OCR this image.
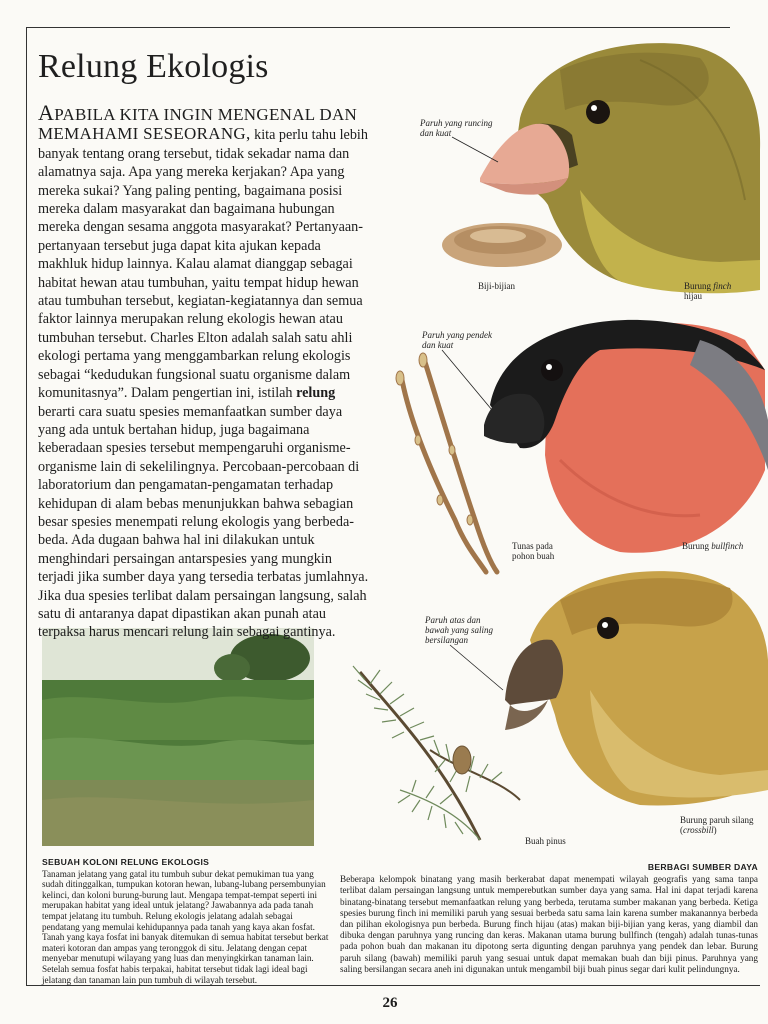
Relung Ekologis
APABILA KITA INGIN MENGENAL DAN MEMAHAMI SESEORANG, kita perlu tahu lebih banyak tentang orang tersebut, tidak sekadar nama dan alamatnya saja. Apa yang mereka kerjakan? Apa yang mereka sukai? Yang paling penting, bagaimana posisi mereka dalam masyarakat dan bagaimana hubungan mereka dengan sesama anggota masyarakat? Pertanyaan-pertanyaan tersebut juga dapat kita ajukan kepada makhluk hidup lainnya. Kalau alamat dianggap sebagai habitat hewan atau tumbuhan, yaitu tempat hidup hewan atau tumbuhan tersebut, kegiatan-kegiatannya dan semua faktor lainnya merupakan relung ekologis hewan atau tumbuhan tersebut. Charles Elton adalah salah satu ahli ekologi pertama yang menggambarkan relung ekologis sebagai “kedudukan fungsional suatu organisme dalam komunitasnya”. Dalam pengertian ini, istilah relung berarti cara suatu spesies memanfaatkan sumber daya yang ada untuk bertahan hidup, juga bagaimana keberadaan spesies tersebut mempengaruhi organisme-organisme lain di sekelilingnya. Percobaan-percobaan di laboratorium dan pengamatan-pengamatan terhadap kehidupan di alam bebas menunjukkan bahwa sebagian besar spesies menempati relung ekologis yang berbeda-beda. Ada dugaan bahwa hal ini dilakukan untuk menghindari persaingan antarspesies yang mungkin terjadi jika sumber daya yang tersedia terbatas jumlahnya. Jika dua spesies terlibat dalam persaingan langsung, salah satu di antaranya dapat dipastikan akan punah atau terpaksa harus mencari relung lain sebagai gantinya.
Paruh yang runcing dan kuat
Biji-bijian	Burung finch hijau
Paruh yang pendek dan kuat
Tunas pada pohon buah
Burung bullfinch
Paruh atas dan bawah yang saling bersilangan
Buah pinus
Burung paruh silang (crossbill)
SEBUAH KOLONI RELUNG EKOLOGIS
Tanaman jelatang yang gatal itu tumbuh subur dekat pemukiman tua yang sudah ditinggalkan, tumpukan kotoran hewan, lubang-lubang persembunyian kelinci, dan koloni burung-burung laut. Mengapa tempat-tempat seperti ini merupakan habitat yang ideal untuk jelatang? Jawabannya ada pada tanah tempat jelatang itu tumbuh. Relung ekologis jelatang adalah sebagai pendatang yang memulai kehidupannya pada tanah yang kaya akan fosfat. Tanah yang kaya fosfat ini banyak ditemukan di semua habitat tersebut berkat materi kotoran dan ampas yang teronggok di situ. Jelatang dengan cepat menyebar menutupi wilayang yang luas dan menyingkirkan tanaman lain. Setelah semua fosfat habis terpakai, habitat tersebut tidak lagi ideal bagi jelatang dan tanaman lain pun tumbuh di wilayah tersebut.
BERBAGI SUMBER DAYA
Beberapa kelompok binatang yang masih berkerabat dapat menempati wilayah geografis yang sama tanpa terlibat dalam persaingan langsung untuk memperebutkan sumber daya yang sama. Hal ini dapat terjadi karena binatang-binatang tersebut memanfaatkan relung yang berbeda, terutama sumber makanan yang berbeda. Ketiga spesies burung finch ini memiliki paruh yang sesuai berbeda satu sama lain karena sumber makanannya berbeda dan pilihan ekologisnya pun berbeda. Burung finch hijau (atas) makan biji-bijian yang keras, yang diambil dan dibuka dengan paruhnya yang runcing dan keras. Makanan utama burung bullfinch (tengah) adalah tunas-tunas pada pohon buah dan makanan itu dipotong serta digunting dengan paruhnya yang pendek dan lebar. Burung paruh silang (bawah) memiliki paruh yang sesuai untuk dapat memakan buah dan biji pinus. Paruhnya yang saling bersilangan secara aneh ini digunakan untuk mengambil biji buah pinus segar dari kulit pelindungnya.
26
